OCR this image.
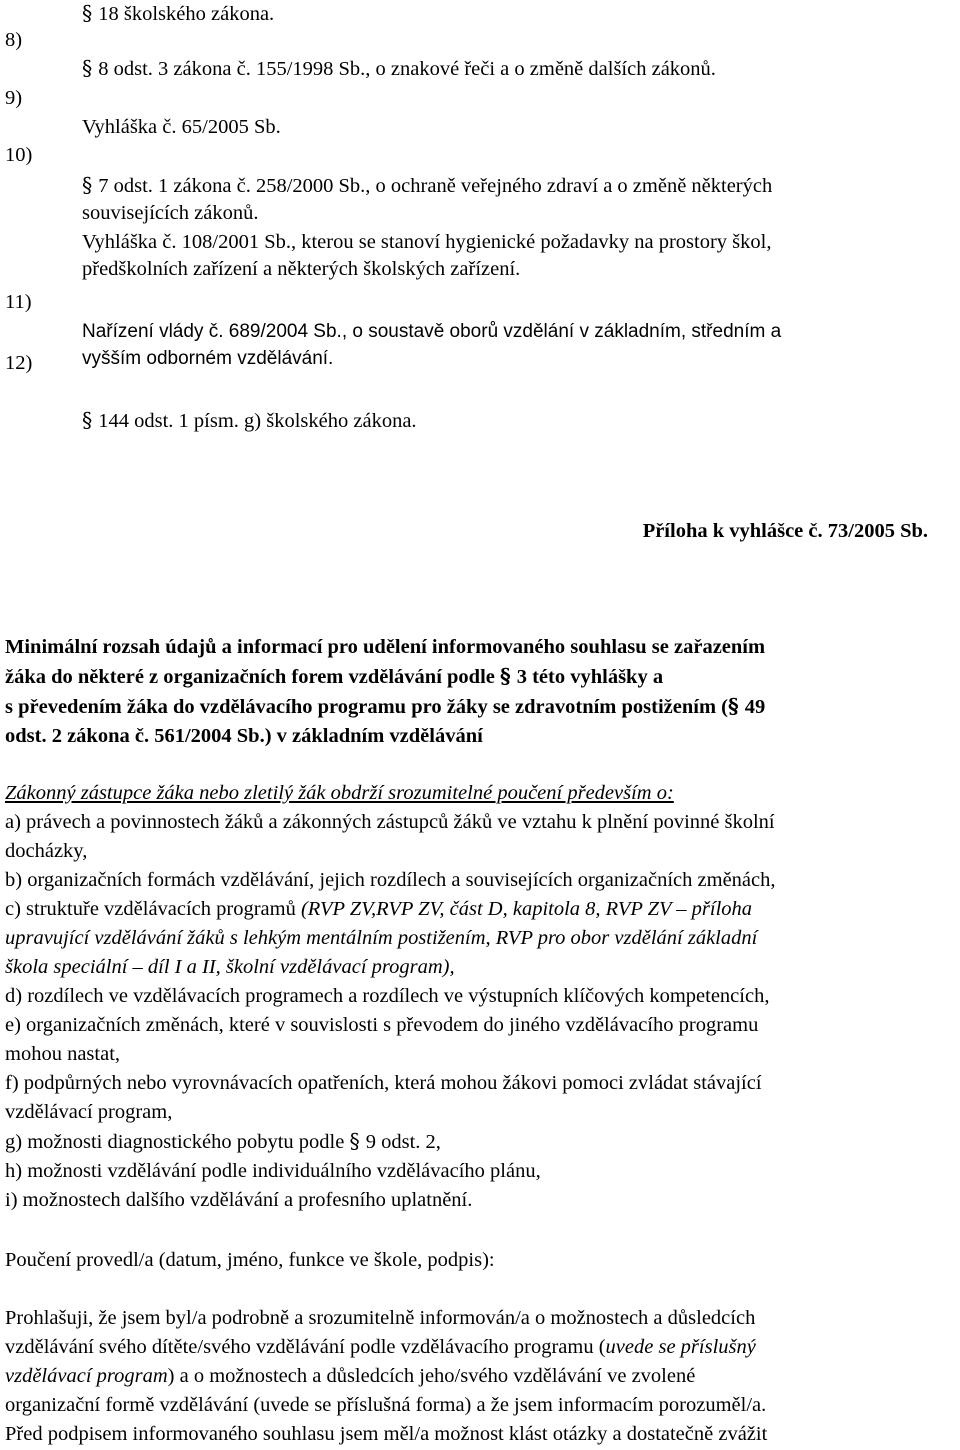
8)
9)
10)
11)
12)
§ 18 školského zákona.
§ 8 odst. 3 zákona č. 155/1998 Sb., o znakové řeči a o změně dalších zákonů.
Vyhláška č. 65/2005 Sb.
§ 7 odst. 1 zákona č. 258/2000 Sb., o ochraně veřejného zdraví a o změně některých
souvisejících zákonů.
Vyhláška č. 108/2001 Sb., kterou se stanoví hygienické požadavky na prostory škol,
předškolních zařízení a některých školských zařízení.
Nařízení vlády č. 689/2004 Sb., o soustavě oborů vzdělání v základním, středním a
vyšším odborném vzdělávání.
§ 144 odst. 1 písm. g) školského zákona.
Příloha k vyhlášce č. 73/2005 Sb.
Minimální rozsah údajů a informací pro udělení informovaného souhlasu se zařazením
žáka do některé z organizačních forem vzdělávání podle § 3 této vyhlášky a
s převedením žáka do vzdělávacího programu pro žáky se zdravotním postižením (§ 49
odst. 2 zákona č. 561/2004 Sb.) v základním vzdělávání
Zákonný zástupce žáka nebo zletilý žák obdrží srozumitelné poučení především o:
a) právech a povinnostech žáků a zákonných zástupců žáků ve vztahu k plnění povinné školní
docházky,
b) organizačních formách vzdělávání, jejich rozdílech a souvisejících organizačních změnách,
c) struktuře vzdělávacích programů (RVP ZV,RVP ZV, část D, kapitola 8, RVP ZV – příloha
upravující vzdělávání žáků s lehkým mentálním postižením, RVP pro obor vzdělání základní
škola speciální – díl I a II, školní vzdělávací program),
d) rozdílech ve vzdělávacích programech a rozdílech ve výstupních klíčových kompetencích,
e) organizačních změnách, které v souvislosti s převodem do jiného vzdělávacího programu
mohou nastat,
f) podpůrných nebo vyrovnávacích opatřeních, která mohou žákovi pomoci zvládat stávající
vzdělávací program,
g) možnosti diagnostického pobytu podle § 9 odst. 2,
h) možnosti vzdělávání podle individuálního vzdělávacího plánu,
i) možnostech dalšího vzdělávání a profesního uplatnění.
Poučení provedl/a (datum, jméno, funkce ve škole, podpis):
Prohlašuji, že jsem byl/a podrobně a srozumitelně informován/a o možnostech a důsledcích
vzdělávání svého dítěte/svého vzdělávání podle vzdělávacího programu (uvede se příslušný
vzdělávací program) a o možnostech a důsledcích jeho/svého vzdělávání ve zvolené
organizační formě vzdělávání (uvede se příslušná forma) a že jsem informacím porozuměl/a.
Před podpisem informovaného souhlasu jsem měl/a možnost klást otázky a dostatečně zvážit
